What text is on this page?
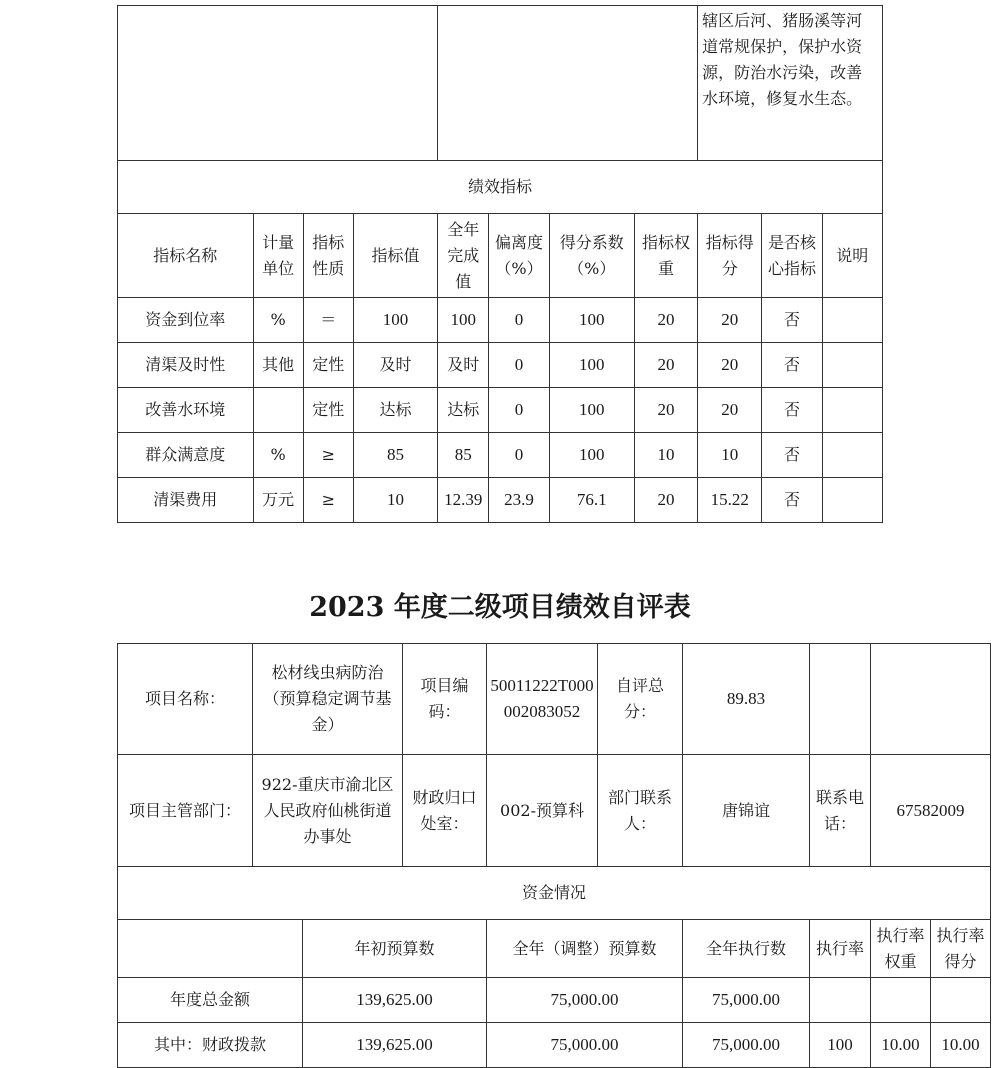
								辖区后河、猪肠溪等河道常规保护，保护水资源，防治水污染，改善水环境，修复水生态。		
绩效指标										
指标名称	计量单位	指标性质	指标值	全年完成值	偏离度（%）	得分系数（%）	指标权重	指标得分	是否核心指标	说明
资金到位率	%	＝	100	100	0	100	20	20	否	
清渠及时性	其他	定性	及时	及时	0	100	20	20	否	
改善水环境		定性	达标	达标	0	100	20	20	否	
群众满意度	%	≥	85	85	0	100	10	10	否	
清渠费用	万元	≥	10	12.39	23.9	76.1	20	15.22	否	
2023 年度二级项目绩效自评表
项目名称：	松材线虫病防治（预算稳定调节基金）		项目编码：	50011222T000002083052	自评总分：	89.83			
项目主管部门：	922-重庆市渝北区人民政府仙桃街道办事处		财政归口处室：	002-预算科	部门联系人：	唐锦谊	联系电话：	67582009	
资金情况									
		年初预算数		全年（调整）预算数		全年执行数	执行率	执行率权重	执行率得分
年度总金额		139,625.00		75,000.00		75,000.00			
其中：财政拨款		139,625.00		75,000.00		75,000.00	100	10.00	10.00
